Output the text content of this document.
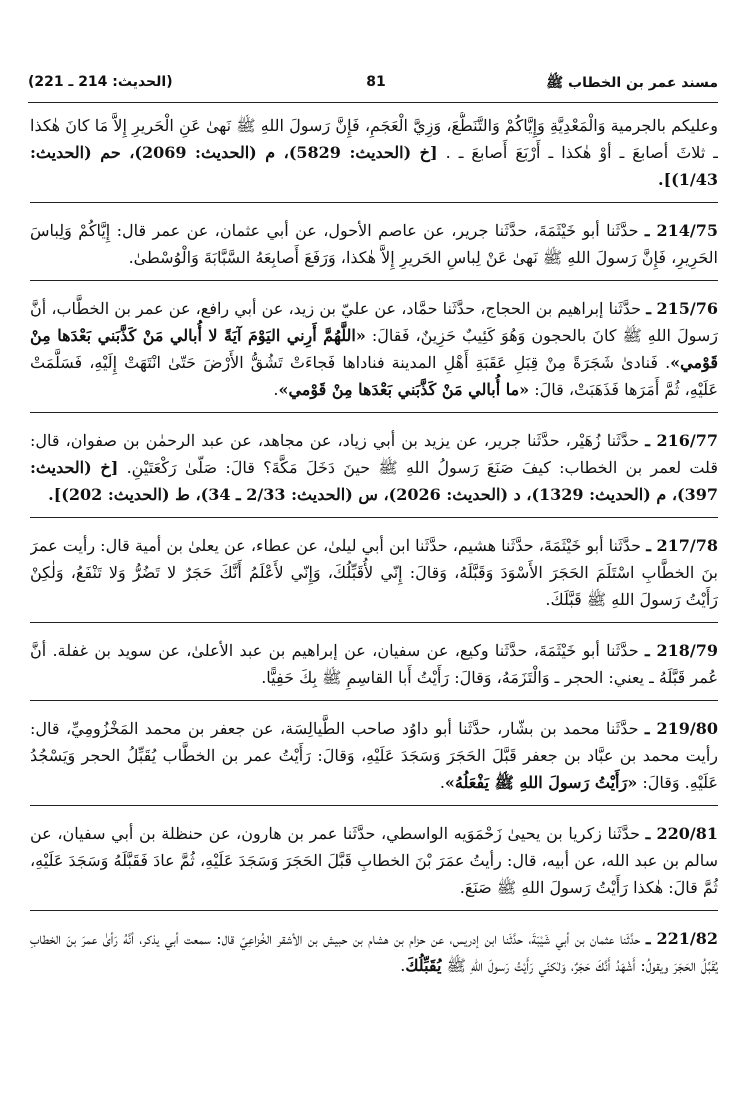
مسند عمر بن الخطاب ﷺ
81
(الحديث: 214 ـ 221)
وعليكم بالجرمية وَالْمَعْدِيَّةِ وَإِيَّاكُمْ وَالتَّنَطُّعَ، وَزِيَّ الْعَجَمِ، فَإِنَّ رَسولَ اللهِ ﷺ نَهىٰ عَنِ الْحَريرِ إِلاَّ مَا كانَ هٰكذا ـ ثلاثَ أصابعَ ـ أوْ هٰكذا ـ أَرْبَعَ أَصابعَ ـ . [خ (الحديث: 5829)، م (الحديث: 2069)، حم (الحديث: 1/43)].
214/75 ـ حدَّثَنا أبو خَيْثَمَةَ، حدَّثَنا جرير، عن عاصم الأحول، عن أبي عثمان، عن عمر قال: إِيَّاكُمْ وَلِباسَ الحَرِيرِ، فَإِنَّ رَسولَ اللهِ ﷺ نَهىٰ عَنْ لِباسِ الحَريرِ إِلاَّ هٰكذا، وَرَفَعَ أَصابِعَهُ السَّبَّابَةَ وَالْوُسْطىٰ.
215/76 ـ حدَّثَنا إبراهيم بن الحجاج، حدَّثَنا حمَّاد، عن عليّ بن زيد، عن أبي رافع، عن عمر بن الخطَّاب، أنَّ رَسولَ اللهِ ﷺ كانَ بالحجون وَهُوَ كَئِيبٌ حَزِينٌ، فَقالَ: «اللَّهُمَّ أَرِني اليَوْمَ آيَةً لا أُبالي مَنْ كَذَّبَني بَعْدَها مِنْ قَوْمي». فَنادىٰ شَجَرَةً مِنْ قِبَلِ عَقَبَةِ أَهْلِ المدينة فناداها فَجاءَتْ تَشُقُّ الأَرْضَ حَتّىٰ انْتَهَتْ إِلَيْهِ، فَسَلَّمَتْ عَلَيْهِ، ثُمَّ أَمَرَها فَذَهَبَتْ، قالَ: «ما أُبالي مَنْ كَذَّبَني بَعْدَها مِنْ قَوْمي».
216/77 ـ حدَّثَنا زُهَيْر، حدَّثَنا جرير، عن يزيد بن أبي زياد، عن مجاهد، عن عبد الرحمٰن بن صفوان، قال: قلت لعمر بن الخطاب: كيفَ صَنَعَ رَسولُ اللهِ ﷺ حينَ دَخَلَ مَكَّةَ؟ قالَ: صَلّىٰ رَكْعَتَيْنِ. [خ (الحديث: 397)، م (الحديث: 1329)، د (الحديث: 2026)، س (الحديث: 2/33 ـ 34)، ط (الحديث: 202)].
217/78 ـ حدَّثَنا أبو خَيْثَمَةَ، حدَّثَنا هشيم، حدَّثَنا ابن أبي ليلىٰ، عن عطاء، عن يعلىٰ بن أمية قال: رأيت عمرَ بنَ الخطَّابِ اسْتَلَمَ الحَجَرَ الأَسْوَدَ وَقَبَّلَهُ، وَقالَ: إِنّي لأُقَبِّلُكَ، وَإِنّي لأَعْلَمُ أَنَّكَ حَجَرٌ لا تَضُرُّ وَلا تَنْفَعُ، وَلٰكِنْ رَأَيْتُ رَسولَ اللهِ ﷺ قَبَّلَكَ.
218/79 ـ حدَّثَنا أبو خَيْثَمَةَ، حدَّثَنا وكيع، عن سفيان، عن إبراهيم بن عبد الأعلىٰ، عن سويد بن غفلة. أنَّ عُمر قَبَّلَهُ ـ يعني: الحجر ـ وَالْتَزَمَهُ، وَقالَ: رَأَيْتُ أَبا القاسِمِ ﷺ بِكَ حَفِيًّا.
219/80 ـ حدَّثَنا محمد بن بشّار، حدَّثَنا أبو داوُد صاحب الطَّيالِسَة، عن جعفر بن محمد المَخْزُومِيِّ، قال: رأيت محمد بن عبَّاد بن جعفر قَبَّلَ الحَجَرَ وَسَجَدَ عَلَيْهِ، وَقالَ: رَأَيْتُ عمر بن الخطَّاب يُقَبِّلُ الحجر وَيَسْجُدُ عَلَيْهِ. وَقالَ: «رَأَيْتُ رَسولَ اللهِ ﷺ يَفْعَلُهُ».
220/81 ـ حدَّثَنا زكريا بن يحيىٰ زَحْمَوَيه الواسطي، حدَّثَنا عمر بن هارون، عن حنظلة بن أبي سفيان، عن سالم بن عبد الله، عن أبيه، قال: رأيتُ عمَرَ بْنَ الخطابِ قَبَّلَ الحَجَرَ وَسَجَدَ عَلَيْهِ، ثُمَّ عادَ فَقَبَّلَهُ وَسَجَدَ عَلَيْهِ، ثُمَّ قالَ: هٰكذا رَأَيْتُ رَسولَ اللهِ ﷺ صَنَعَ.
221/82 ـ حدَّثَنا عثمان بن أبي شَيْبَةَ، حدَّثَنا ابن إدريس، عن حزام بن هشام بن حبيش بن الأشقر الخُزاعِيّ قال: سمعت أبي يذكر، أنَّهُ رَأىٰ عمرَ بنَ الخطابِ يُقَبِّلُ الحَجَرَ ويقولُ: أَشْهَدُ أَنَّكَ حَجَرٌ، وَلٰكنّي رَأَيْتُ رَسولَ اللهِ ﷺ يُقَبِّلُكَ.
